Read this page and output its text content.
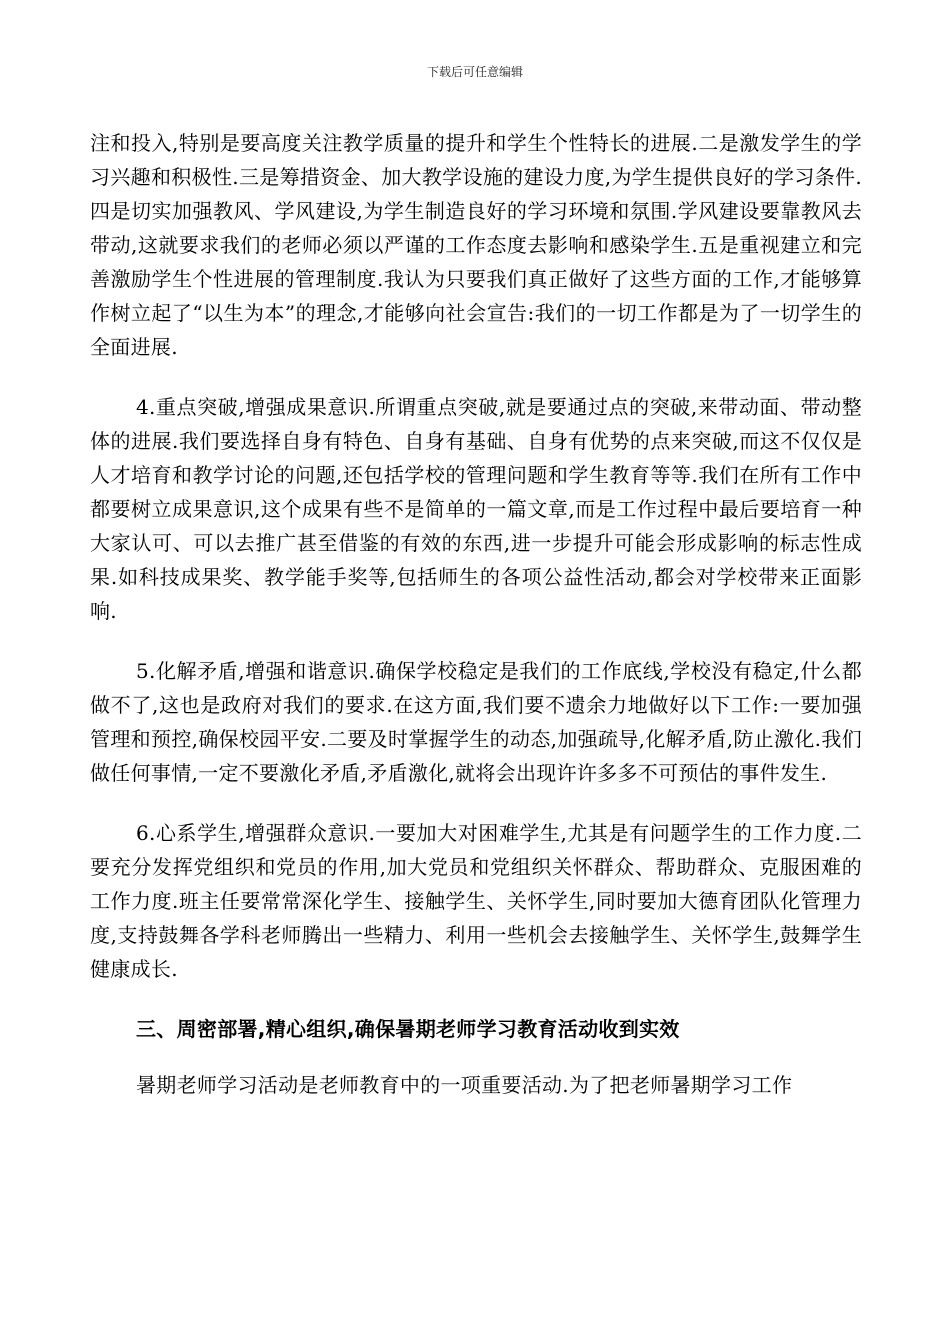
下载后可任意编辑

注和投入,特别是要高度关注教学质量的提升和学生个性特长的进展.二是激发学生的学习兴趣和积极性.三是筹措资金、加大教学设施的建设力度,为学生提供良好的学习条件.四是切实加强教风、学风建设,为学生制造良好的学习环境和氛围.学风建设要靠教风去带动,这就要求我们的老师必须以严谨的工作态度去影响和感染学生.五是重视建立和完善激励学生个性进展的管理制度.我认为只要我们真正做好了这些方面的工作,才能够算作树立起了“以生为本”的理念,才能够向社会宣告:我们的一切工作都是为了一切学生的全面进展.

4.重点突破,增强成果意识.所谓重点突破,就是要通过点的突破,来带动面、带动整体的进展.我们要选择自身有特色、自身有基础、自身有优势的点来突破,而这不仅仅是人才培育和教学讨论的问题,还包括学校的管理问题和学生教育等等.我们在所有工作中都要树立成果意识,这个成果有些不是简单的一篇文章,而是工作过程中最后要培育一种大家认可、可以去推广甚至借鉴的有效的东西,进一步提升可能会形成影响的标志性成果.如科技成果奖、教学能手奖等,包括师生的各项公益性活动,都会对学校带来正面影响.

5.化解矛盾,增强和谐意识.确保学校稳定是我们的工作底线,学校没有稳定,什么都做不了,这也是政府对我们的要求.在这方面,我们要不遗余力地做好以下工作:一要加强管理和预控,确保校园平安.二要及时掌握学生的动态,加强疏导,化解矛盾,防止激化.我们做任何事情,一定不要激化矛盾,矛盾激化,就将会出现许许多多不可预估的事件发生.

6.心系学生,增强群众意识.一要加大对困难学生,尤其是有问题学生的工作力度.二要充分发挥党组织和党员的作用,加大党员和党组织关怀群众、帮助群众、克服困难的工作力度.班主任要常常深化学生、接触学生、关怀学生,同时要加大德育团队化管理力度,支持鼓舞各学科老师腾出一些精力、利用一些机会去接触学生、关怀学生,鼓舞学生健康成长.

三、周密部署,精心组织,确保暑期老师学习教育活动收到实效

暑期老师学习活动是老师教育中的一项重要活动.为了把老师暑期学习工作
